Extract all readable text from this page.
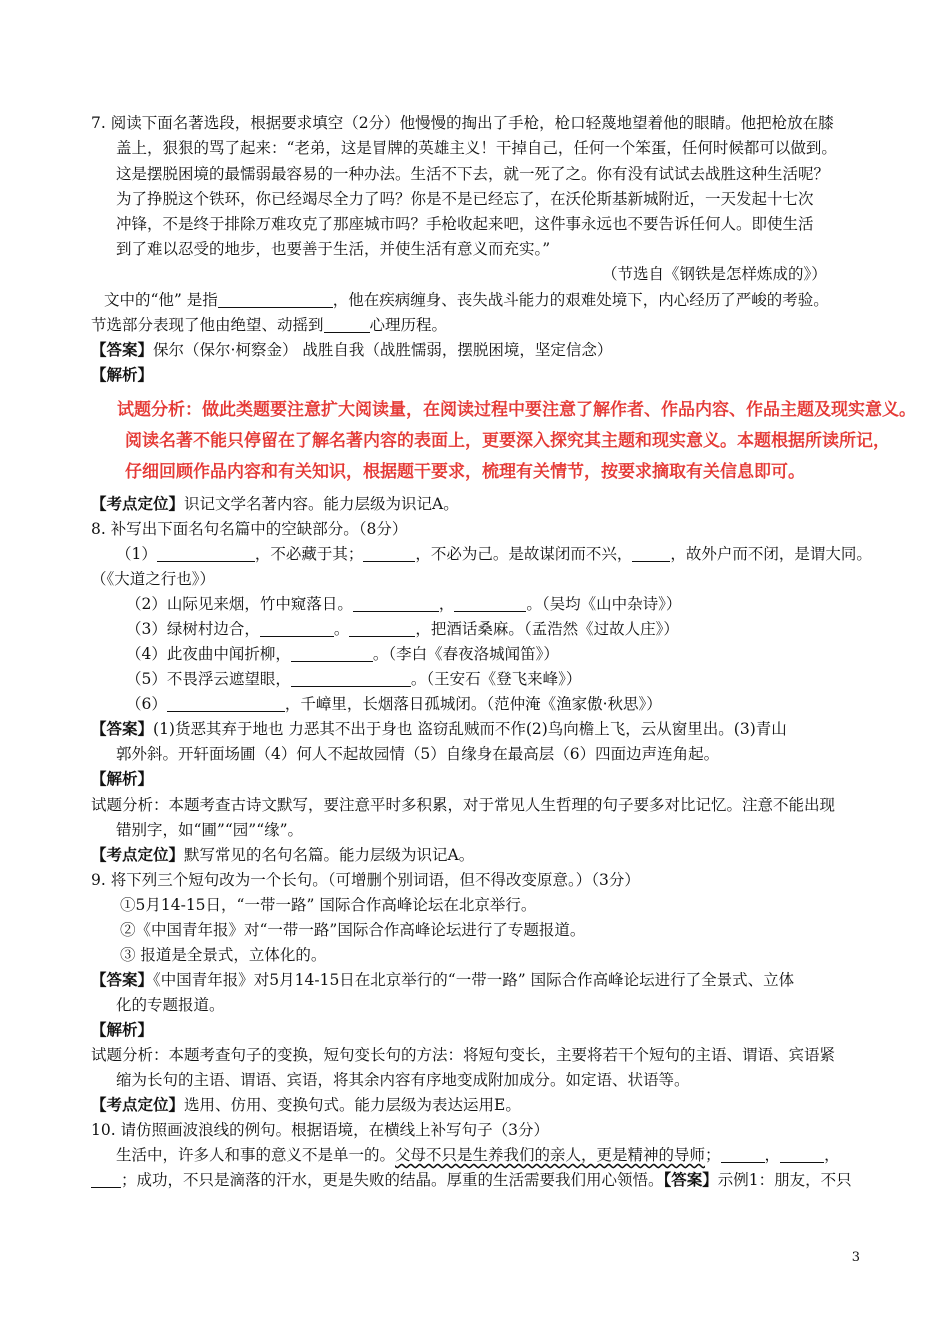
7. 阅读下面名著选段，根据要求填空（2分）他慢慢的掏出了手枪，枪口轻蔑地望着他的眼睛。他把枪放在膝
盖上，狠狠的骂了起来：“老弟，这是冒牌的英雄主义！干掉自己，任何一个笨蛋，任何时候都可以做到。
这是摆脱困境的最懦弱最容易的一种办法。生活不下去，就一死了之。你有没有试试去战胜这种生活呢？
为了挣脱这个铁环，你已经竭尽全力了吗？你是不是已经忘了，在沃伦斯基新城附近，一天发起十七次
冲锋，不是终于排除万难攻克了那座城市吗？手枪收起来吧，这件事永远也不要告诉任何人。即使生活
到了难以忍受的地步，也要善于生活，并使生活有意义而充实。”
（节选自《钢铁是怎样炼成的》）
文中的“他” 是指	，他在疾病缠身、丧失战斗能力的艰难处境下，内心经历了严峻的考验。
节选部分表现了他由绝望、动摇到	心理历程。
【答案】保尔（保尔·柯察金） 战胜自我（战胜懦弱，摆脱困境，坚定信念）
【解析】
试题分析：做此类题要注意扩大阅读量，在阅读过程中要注意了解作者、作品内容、作品主题及现实意义。
阅读名著不能只停留在了解名著内容的表面上，更要深入探究其主题和现实意义。本题根据所读所记，
仔细回顾作品内容和有关知识，根据题干要求，梳理有关情节，按要求摘取有关信息即可。
【考点定位】识记文学名著内容。能力层级为识记A。
8. 补写出下面名句名篇中的空缺部分。（8分）
（1）	，不必藏于其；	，不必为己。是故谋闭而不兴， ，故外户而不闭，是谓大同。
（《大道之行也》）
（2）山际见来烟，竹中窥落日。	，	。（吴均《山中杂诗》）
（3）绿树村边合，	。	，把酒话桑麻。（孟浩然《过故人庄》）
（4）此夜曲中闻折柳，	。（李白《春夜洛城闻笛》）
（5）不畏浮云遮望眼，	。（王安石《登飞来峰》）
（6）	，千嶂里，长烟落日孤城闭。（范仲淹《渔家傲·秋思》）
【答案】(1)货恶其弃于地也 力恶其不出于身也 盗窃乱贼而不作(2)鸟向檐上飞，云从窗里出。(3)青山
郭外斜。开轩面场圃（4）何人不起故园情（5）自缘身在最高层（6）四面边声连角起。
【解析】
试题分析：本题考查古诗文默写，要注意平时多积累，对于常见人生哲理的句子要多对比记忆。注意不能出现
错别字，如“圃”“园”“缘”。
【考点定位】默写常见的名句名篇。能力层级为识记A。
9. 将下列三个短句改为一个长句。（可增删个别词语，但不得改变原意。）（3分）
①5月14-15日，“一带一路” 国际合作高峰论坛在北京举行。
②《中国青年报》对“一带一路”国际合作高峰论坛进行了专题报道。
③ 报道是全景式，立体化的。
【答案】《中国青年报》对5月14-15日在北京举行的“一带一路” 国际合作高峰论坛进行了全景式、立体
化的专题报道。
【解析】
试题分析：本题考查句子的变换，短句变长句的方法：将短句变长，主要将若干个短句的主语、谓语、宾语紧
缩为长句的主语、谓语、宾语，将其余内容有序地变成附加成分。如定语、状语等。
【考点定位】选用、仿用、变换句式。能力层级为表达运用E。
10. 请仿照画波浪线的例句。根据语境，在横线上补写句子（3分）
生活中，许多人和事的意义不是单一的。父母不只是生养我们的亲人，更是精神的导师；	，	，
；成功，不只是滴落的汗水，更是失败的结晶。厚重的生活需要我们用心领悟。【答案】示例1：朋友，不只
3
